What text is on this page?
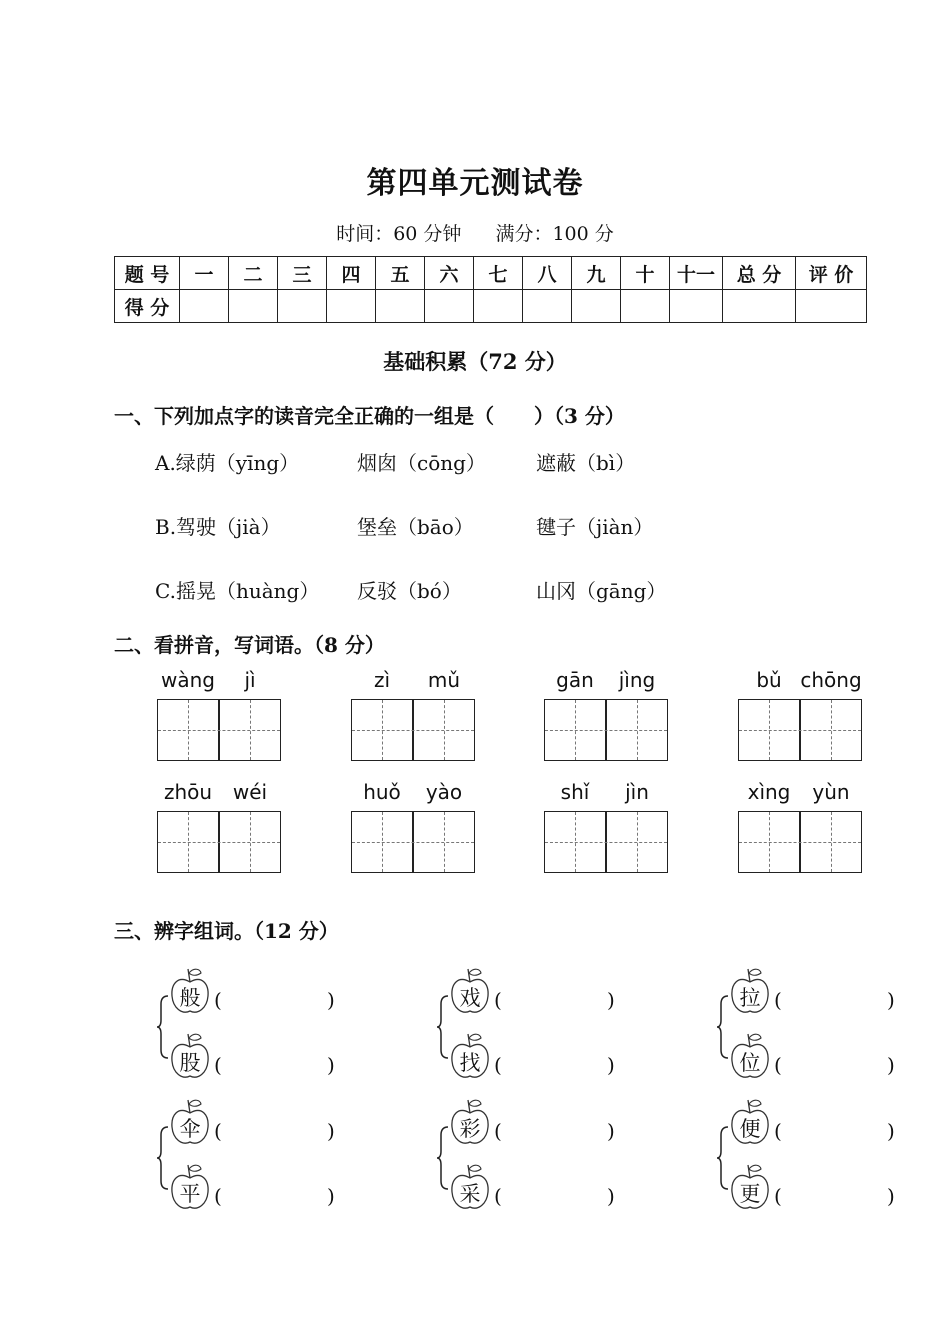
第四单元测试卷
时间：60 分钟 满分：100 分
题 号	一	二	三	四	五	六	七	八	九	十	十一	总 分	评 价
得 分													
基础积累（72 分）
一、下列加点字的读音完全正确的一组是（　　）（3 分）
A.绿荫（yīng）	烟囱（cōng）	遮蔽（bì）
B.驾驶（jià）	堡垒（bāo）	毽子（jiàn）
C.摇晃（huàng） 反驳（bó）	山冈（gāng）
二、看拼音，写词语。（8 分）
wàng	jì	zì	mǔ	gān	jìng	bǔ chōng
zhōu	wéi	huǒ	yào	shǐ	jìn	xìng	yùn
三、辨字组词。（12 分）
般 (	)
股 (	)
戏 (	)
找 (	)
拉 (	)
位 (	)
伞 (	)
平 (	)
彩 (	)
采 (	)
便 (	)
更 (	)
